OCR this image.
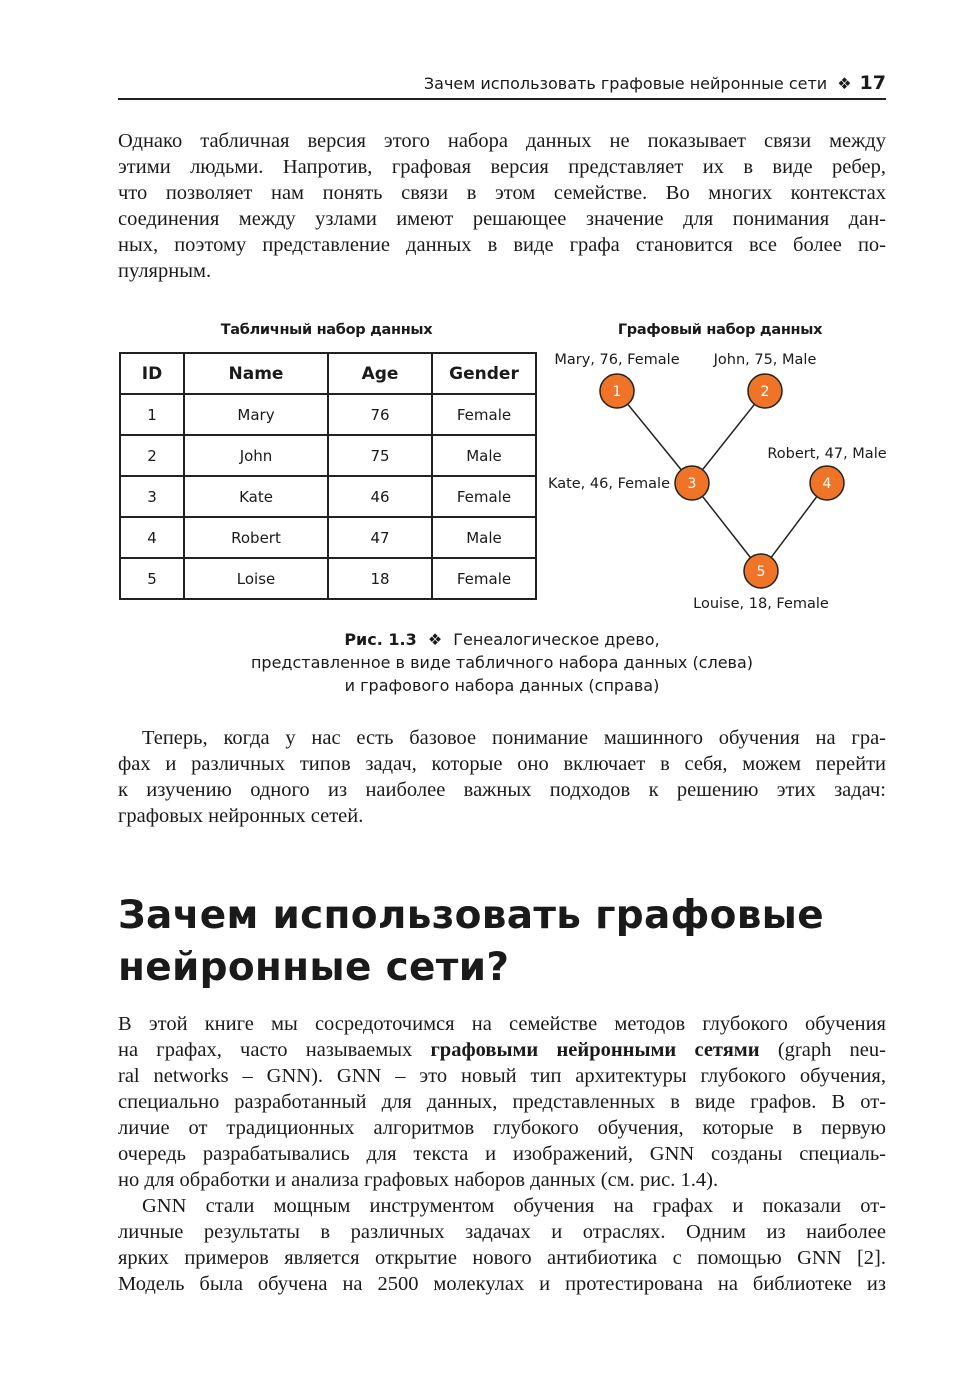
Зачем использовать графовые нейронные сети ❖ 17
Однако табличная версия этого набора данных не показывает связи между
этими людьми. Напротив, графовая версия представляет их в виде ребер,
что позволяет нам понять связи в этом семействе. Во многих контекстах
соединения между узлами имеют решающее значение для понимания дан-
ных, поэтому представление данных в виде графа становится все более по-
пулярным.
Табличный набор данных	Графовый набор данных
ID	Name	Age	Gender
1	Mary	76	Female
2	John	75	Male
3	Kate	46	Female
4	Robert	47	Male
5	Loise	18	Female
1
Mary, 76, Female
2
John, 75, Male
3
Kate, 46, Female	4
Robert, 47, Male
5
Louise, 18, Female
Рис. 1.3 ❖ Генеалогическое древо,
представленное в виде табличного набора данных (слева)
и графового набора данных (справа)
Теперь, когда у нас есть базовое понимание машинного обучения на гра-
фах и различных типов задач, которые оно включает в себя, можем перейти
к изучению одного из наиболее важных подходов к решению этих задач:
графовых нейронных сетей.
Зачем использовать графовые
нейронные сети?
В этой книге мы сосредоточимся на семействе методов глубокого обучения
на графах, часто называемых графовыми нейронными сетями (graph neu-
ral networks – GNN). GNN – это новый тип архитектуры глубокого обучения,
специально разработанный для данных, представленных в виде графов. В от-
личие от традиционных алгоритмов глубокого обучения, которые в первую
очередь разрабатывались для текста и изображений, GNN созданы специаль-
но для обработки и анализа графовых наборов данных (см. рис. 1.4).
GNN стали мощным инструментом обучения на графах и показали от-
личные результаты в различных задачах и отраслях. Одним из наиболее
ярких примеров является открытие нового антибиотика с помощью GNN [2].
Модель была обучена на 2500 молекулах и протестирована на библиотеке из
